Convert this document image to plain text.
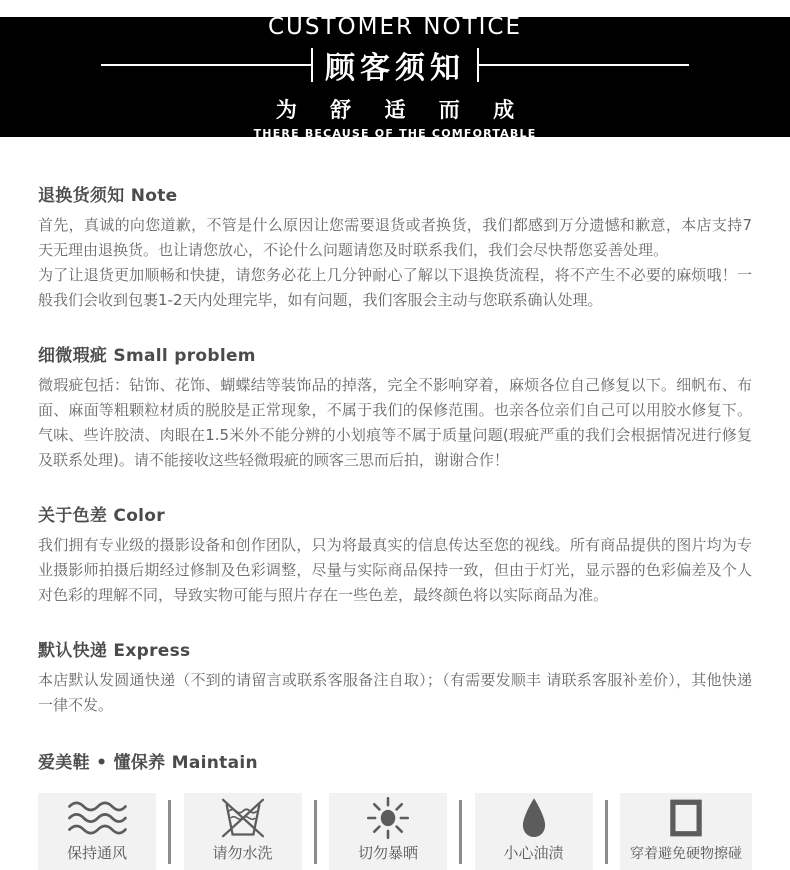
CUSTOMER NOTICE
顾客须知
为 舒 适 而 成
THERE BECAUSE OF THE COMFORTABLE
退换货须知 Note

首先，真诚的向您道歉，不管是什么原因让您需要退货或者换货，我们都感到万分遗憾和歉意，本店支持7天无理由退换货。也让请您放心，不论什么问题请您及时联系我们，我们会尽快帮您妥善处理。

为了让退货更加顺畅和快捷，请您务必花上几分钟耐心了解以下退换货流程，将不产生不必要的麻烦哦！一般我们会收到包裹1-2天内处理完毕，如有问题，我们客服会主动与您联系确认处理。

细微瑕疵 Small problem

微瑕疵包括：钻饰、花饰、蝴蝶结等装饰品的掉落，完全不影响穿着，麻烦各位自己修复以下。细帆布、布面、麻面等粗颗粒材质的脱胶是正常现象，不属于我们的保修范围。也亲各位亲们自己可以用胶水修复下。气味、些许胶渍、肉眼在1.5米外不能分辨的小划痕等不属于质量问题(瑕疵严重的我们会根据情况进行修复及联系处理)。请不能接收这些轻微瑕疵的顾客三思而后拍，谢谢合作！

关于色差 Color

我们拥有专业级的摄影设备和创作团队，只为将最真实的信息传达至您的视线。所有商品提供的图片均为专业摄影师拍摄后期经过修制及色彩调整，尽量与实际商品保持一致，但由于灯光，显示器的色彩偏差及个人对色彩的理解不同，导致实物可能与照片存在一些色差，最终颜色将以实际商品为准。

默认快递 Express

本店默认发圆通快递（不到的请留言或联系客服备注自取）；（有需要发顺丰 请联系客服补差价），其他快递一律不发。

爱美鞋 • 懂保养 Maintain
保持通风	请勿水洗	切勿暴晒	小心油渍	穿着避免硬物擦碰
